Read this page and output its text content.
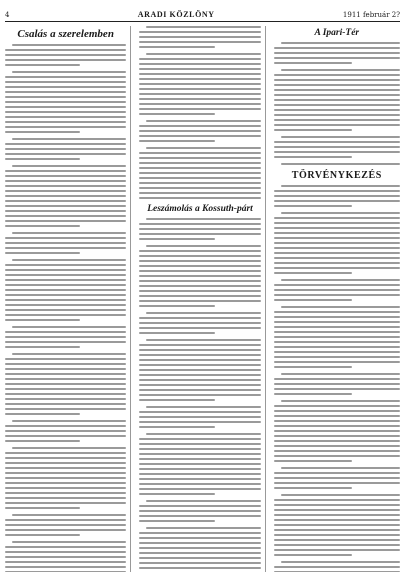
4	ARADI KÖZLÖNY	1911 február 2?
Csalás a szerelemben
Leszámolás a Kossuth-párt
A Ipari-Tér
TÖRVÉNYKEZÉS
